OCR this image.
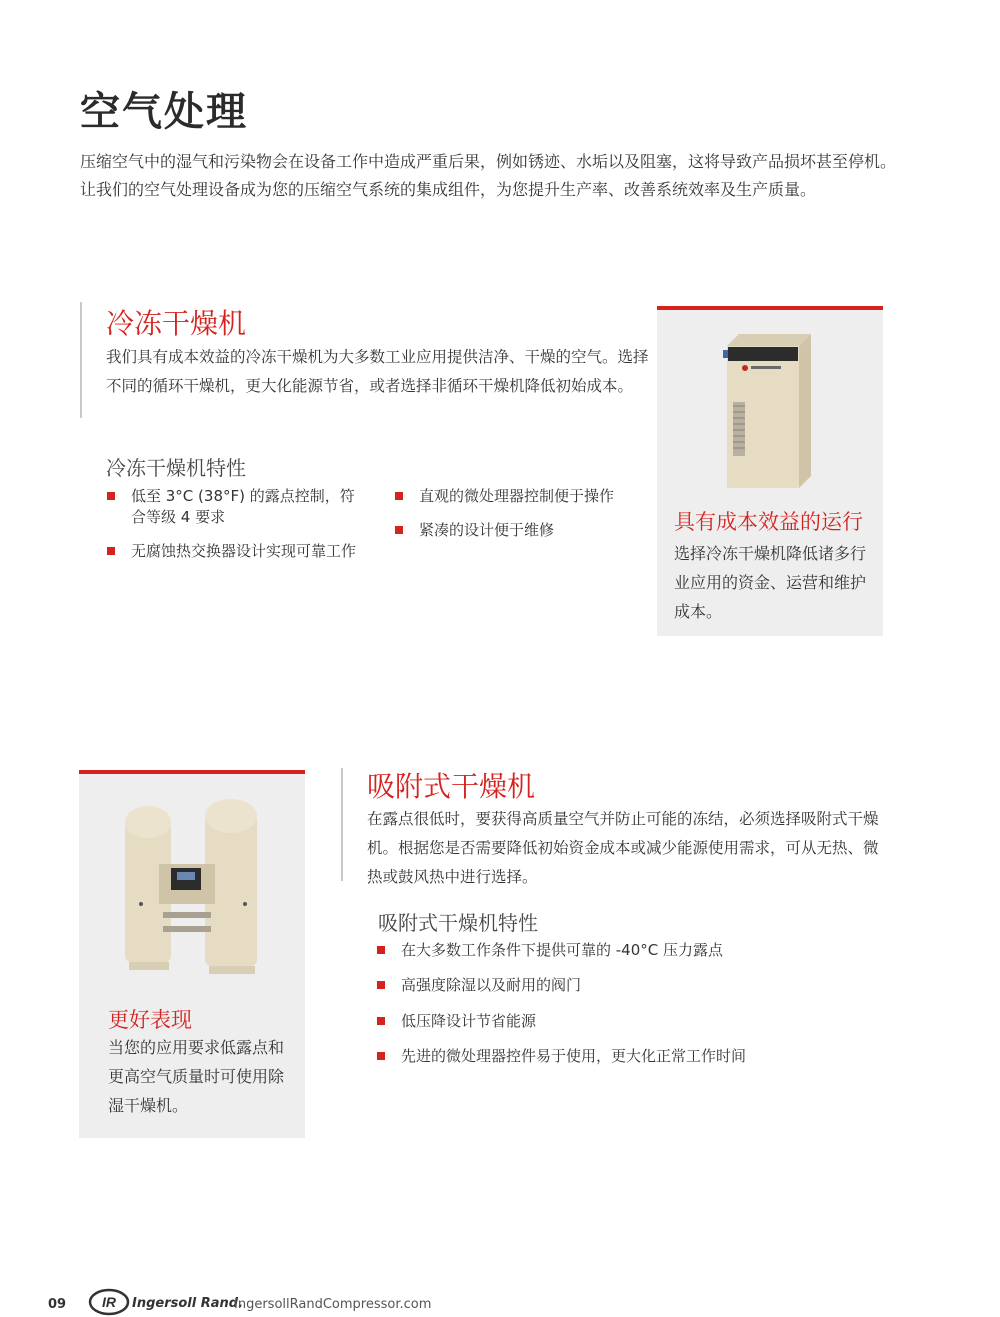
空气处理
压缩空气中的湿气和污染物会在设备工作中造成严重后果，例如锈迹、水垢以及阻塞，这将导致产品损坏甚至停机。让我们的空气处理设备成为您的压缩空气系统的集成组件，为您提升生产率、改善系统效率及生产质量。
冷冻干燥机
我们具有成本效益的冷冻干燥机为大多数工业应用提供洁净、干燥的空气。选择不同的循环干燥机，更大化能源节省，或者选择非循环干燥机降低初始成本。
冷冻干燥机特性
低至 3°C (38°F) 的露点控制，符合等级 4 要求
无腐蚀热交换器设计实现可靠工作
直观的微处理器控制便于操作
紧凑的设计便于维修	具有成本效益的运行
选择冷冻干燥机降低诸多行业应用的资金、运营和维护成本。
更好表现
当您的应用要求低露点和更高空气质量时可使用除湿干燥机。
吸附式干燥机
在露点很低时，要获得高质量空气并防止可能的冻结，必须选择吸附式干燥机。根据您是否需要降低初始资金成本或减少能源使用需求，可从无热、微热或鼓风热中进行选择。
吸附式干燥机特性
在大多数工作条件下提供可靠的 -40°C 压力露点
高强度除湿以及耐用的阀门
低压降设计节省能源
先进的微处理器控件易于使用，更大化正常工作时间
09	IR Ingersoll Rand.
IngersollRandCompressor.com
